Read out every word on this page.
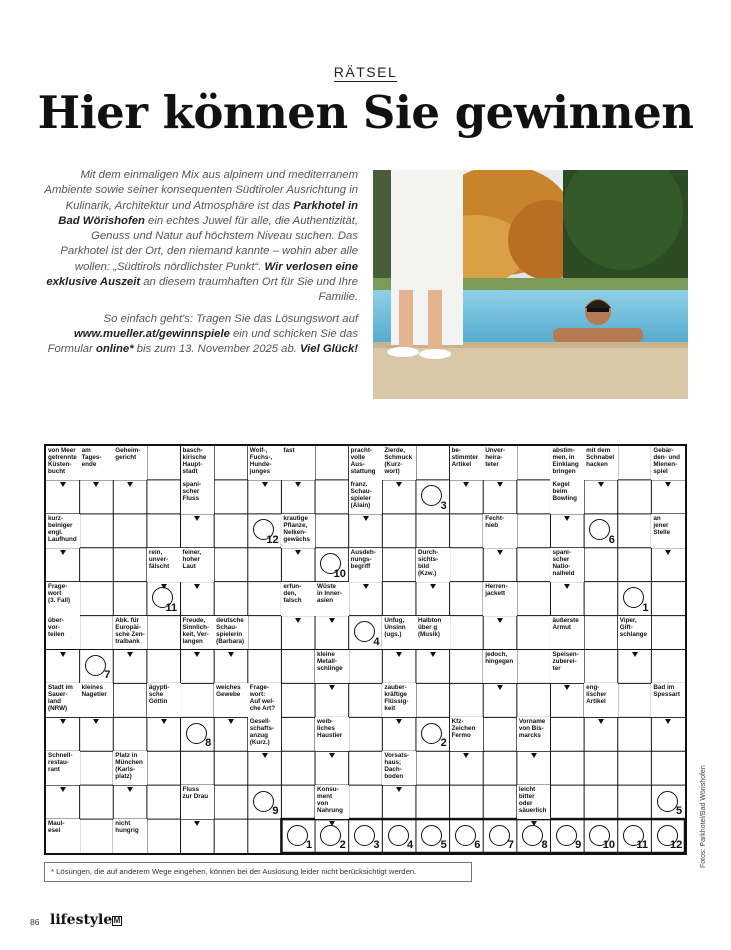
RÄTSEL
Hier können Sie gewinnen

Mit dem einmaligen Mix aus alpinem und mediterranem Ambiente sowie seiner konsequenten Südtiroler Ausrichtung in Kulinarik, Architektur und Atmosphäre ist das Parkhotel in Bad Wörishofen ein echtes Juwel für alle, die Authentizität, Genuss und Natur auf höchstem Niveau suchen. Das Parkhotel ist der Ort, den niemand kannte – wohin aber alle wollen: „Südtirols nördlichster Punkt“. Wir verlosen eine exklusive Auszeit an diesem traumhaften Ort für Sie und Ihre Familie.

So einfach geht's: Tragen Sie das Lösungswort auf www.mueller.at/gewinnspiele ein und schicken Sie das Formular online* bis zum 13. November 2025 ab. Viel Glück!

von Meer
getrennte
Küsten-
bucht
am
Tages-
ende
Geheim-
gericht
basch-
kirische
Haupt-
stadt
Wolf-,
Fuchs-,
Hunde-
junges
fast	pracht-
volle
Aus-
stattung
Zierde,
Schmuck
(Kurz-
wort)
be-
stimmter
Artikel
Unver-
heira-
teter
abstim-
men, in
Einklang
bringen
mit dem
Schnabel
hacken
Gebär-
den- und
Mienen-
spiel
spani-
scher
Fluss
franz.
Schau-
spieler
(Alain)
Kegel
beim
Bowling
kurz-
beiniger
engl.
Laufhund
krautige
Pflanze,
Nelken-
gewächs
Fecht-
hieb
an
jener
Stelle
rein,
unver-
fälscht
feiner,
hoher
Laut
Ausdeh-
nungs-
begriff
Durch-
sichts-
bild
(Kzw.)
spani-
scher
Natio-
nalheld
Frage-
wort
(3. Fall)
erfun-
den,
falsch
Wüste
in Inner-
asien
Herren-
jackett
über-
vor-
teilen
Abk. für
Europäi-
sche Zen-
tralbank
Freude,
Sinnlich-
keit, Ver-
langen
deutsche
Schau-
spielerin
(Barbara)
Unfug,
Unsinn
(ugs.)
Halbton
über g
(Musik)
äußerste
Armut
Viper,
Gift-
schlange
kleine
Metall-
schlinge
jedoch,
hingegen
Speisen-
zuberei-
ter
Stadt im
Sauer-
land
(NRW)
kleines
Nagetier
ägypti-
sche
Göttin
weiches
Gewebe
Frage-
wort:
Auf wel-
che Art?
zauber-
kräftige
Flüssig-
keit
eng-
lischer
Artikel
Bad im
Spessart
Gesell-
schafts-
anzug
(Kurz.)
weib-
liches
Haustier
Kfz-
Zeichen
Fermo
Vorname
von Bis-
marcks
Schnell-
restau-
rant
Platz in
München
(Karls-
platz)
Vorsats-
haus;
Dach-
boden
Fluss
zur Drau
Konsu-
ment
von
Nahrung
leicht
bitter
oder
säuerlich
Maul-
esel
nicht
hungrig
3
12	6
10
11	1
4
7
8	2
9	5
1	2	3	4	5	6	7	8	9 10 11 12
* Lösungen, die auf anderem Wege eingehen, können bei der Auslosung leider nicht berücksichtigt werden.
Fotos: Parkhotel/Bad Wörishofen
86 lifestyle M
